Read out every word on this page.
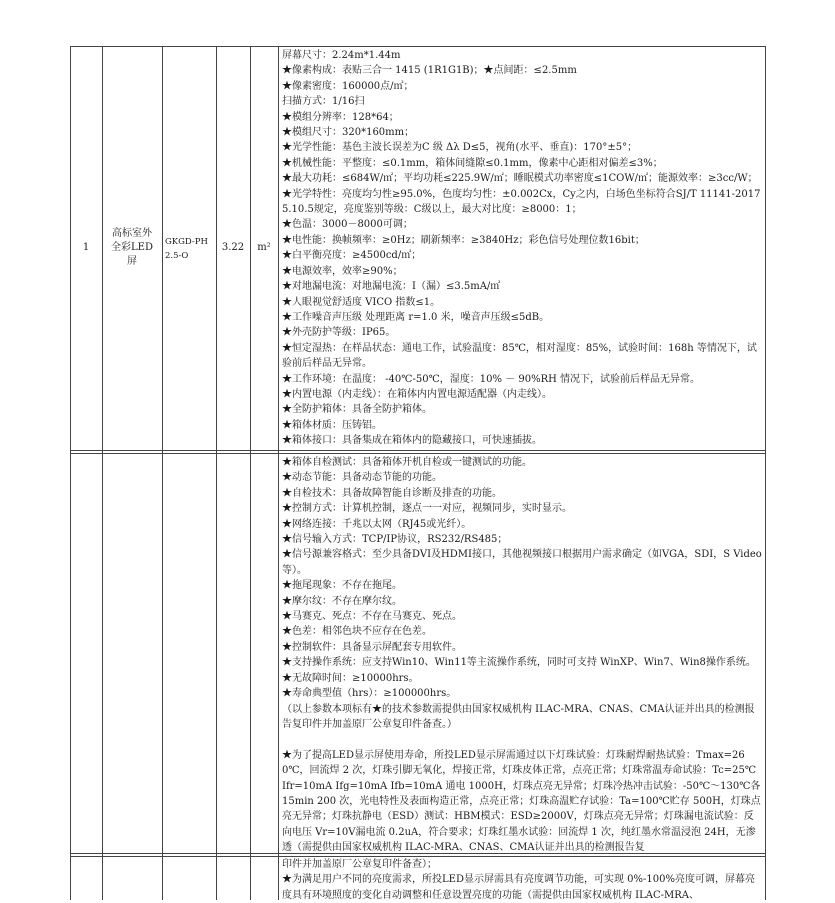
1
高标室外全彩LED屏
GKGD-PH2.5-O
3.22	m²

屏幕尺寸：2.24m*1.44m

★像素构成：表贴三合一 1415 (1R1G1B)；★点间距：≤2.5mm

★像素密度：160000点/㎡；

扫描方式：1/16扫

★模组分辨率：128*64；

★模组尺寸：320*160mm；

★光学性能：基色主波长误差为C 级 Δλ D≤5，视角(水平、垂直)：170°±5°；

★机械性能：平整度：≤0.1mm，箱体间缝隙≤0.1mm，像素中心距相对偏差≤3%；

★最大功耗：≤684W/㎡；平均功耗≤225.9W/㎡；睡眠模式功率密度≤1COW/㎡；能源效率：≥3cc/W；

★光学特性：亮度均匀性≥95.0%，色度均匀性：±0.002Cx，Cy之内，白场色坐标符合SJ/T 11141-2017 5.10.5规定，亮度鉴别等级：C级以上，最大对比度：≥8000：1；

★色温：3000－8000可调；

★电性能：换帧频率：≥0Hz；刷新频率：≥3840Hz；彩色信号处理位数16bit；

★白平衡亮度：≥4500cd/㎡；

★电源效率，效率≥90%；

★对地漏电流：对地漏电流：I（漏）≤3.5mA/㎡

★人眼视觉舒适度 VICO 指数≤1。

★工作噪音声压级 处理距离 r=1.0 米，噪音声压级≤5dB。

★外壳防护等级：IP65。

★恒定湿热：在样品状态：通电工作，试验温度：85℃，相对湿度：85%，试验时间：168h 等情况下，试验前后样品无异常。

★工作环境：在温度： -40℃-50℃，湿度：10% － 90%RH 情况下，试验前后样品无异常。

★内置电源（内走线）：在箱体内内置电源适配器（内走线）。

★全防护箱体：具备全防护箱体。

★箱体材质：压铸铝。

★箱体接口：具备集成在箱体内的隐藏接口，可快速插拔。

★箱体自检测试：具备箱体开机自检或一键测试的功能。

★动态节能：具备动态节能的功能。

★自检技术：具备故障智能自诊断及排查的功能。

★控制方式：计算机控制，逐点一一对应，视频同步，实时显示。

★网络连接：千兆以太网（RJ45或光纤）。

★信号输入方式：TCP/IP协议，RS232/RS485；

★信号源兼容格式：至少具备DVI及HDMI接口，其他视频接口根据用户需求确定（如VGA，SDI，S Video等）。

★拖尾现象：不存在拖尾。

★摩尔纹：不存在摩尔纹。

★马赛克、死点：不存在马赛克、死点。

★色差：相邻色块不应存在色差。

★控制软件：具备显示屏配套专用软件。

★支持操作系统：应支持Win10、Win11等主流操作系统，同时可支持 WinXP、Win7、Win8操作系统。

★无故障时间：≥10000hrs。

★寿命典型值（hrs）：≥100000hrs。

（以上参数本项标有★的技术参数需提供由国家权威机构 ILAC-MRA、CNAS、CMA认证并出具的检测报告复印件并加盖原厂公章复印件备查。）

★为了提高LED显示屏使用寿命，所投LED显示屏需通过以下灯珠试验：灯珠耐焊耐热试验：Tmax=260℃，回流焊 2 次，灯珠引脚无氧化，焊接正常，灯珠皮体正常，点亮正常；灯珠常温寿命试验：Tc=25℃ Ifr=10mA Ifg=10mA Ifb=10mA 通电 1000H，灯珠点亮无异常；灯珠冷热冲击试验：-50℃～130℃各15min 200 次，光电特性及表面构造正常，点亮正常；灯珠高温贮存试验：Ta=100℃贮存 500H，灯珠点亮无异常；灯珠抗静电（ESD）测试：HBM模式：ESD≥2000V，灯珠点亮无异常；灯珠漏电流试验：反向电压 Vr=10V漏电流 0.2uA，符合要求；灯珠红墨水试验：回流焊 1 次，纯红墨水常温浸泡 24H，无渗透（需提供由国家权威机构 ILAC-MRA、CNAS、CMA认证并出具的检测报告复

印件并加盖原厂公章复印件备查）；

★为满足用户不同的亮度需求，所投LED显示屏需具有亮度调节功能，可实现 0%-100%亮度可调，屏幕亮度具有环境照度的变化自动调整和任意设置亮度的功能（需提供由国家权威机构 ILAC-MRA、
